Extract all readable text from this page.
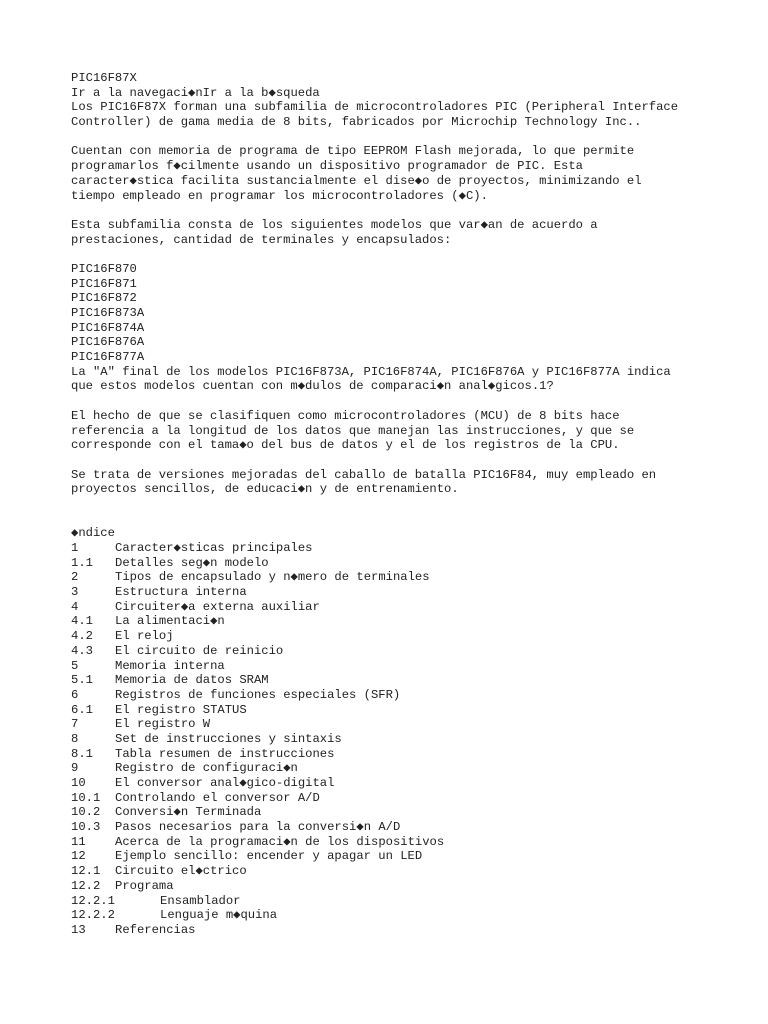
PIC16F87X
Ir a la navegaci◆nIr a la b◆squeda
Los PIC16F87X forman una subfamilia de microcontroladores PIC (Peripheral Interface
Controller) de gama media de 8 bits, fabricados por Microchip Technology Inc..
Cuentan con memoria de programa de tipo EEPROM Flash mejorada, lo que permite
programarlos f◆cilmente usando un dispositivo programador de PIC. Esta
caracter◆stica facilita sustancialmente el dise◆o de proyectos, minimizando el
tiempo empleado en programar los microcontroladores (◆C).
Esta subfamilia consta de los siguientes modelos que var◆an de acuerdo a
prestaciones, cantidad de terminales y encapsulados:
PIC16F870
PIC16F871
PIC16F872
PIC16F873A
PIC16F874A
PIC16F876A
PIC16F877A
La "A" final de los modelos PIC16F873A, PIC16F874A, PIC16F876A y PIC16F877A indica
que estos modelos cuentan con m◆dulos de comparaci◆n anal◆gicos.1?
El hecho de que se clasifiquen como microcontroladores (MCU) de 8 bits hace
referencia a la longitud de los datos que manejan las instrucciones, y que se
corresponde con el tama◆o del bus de datos y el de los registros de la CPU.
Se trata de versiones mejoradas del caballo de batalla PIC16F84, muy empleado en
proyectos sencillos, de educaci◆n y de entrenamiento.
◆ndice
1	Caracter◆sticas principales
1.1	Detalles seg◆n modelo
2	Tipos de encapsulado y n◆mero de terminales
3	Estructura interna
4	Circuiter◆a externa auxiliar
4.1	La alimentaci◆n
4.2	El reloj
4.3	El circuito de reinicio
5	Memoria interna
5.1	Memoria de datos SRAM
6	Registros de funciones especiales (SFR)
6.1	El registro STATUS
7	El registro W
8	Set de instrucciones y sintaxis
8.1	Tabla resumen de instrucciones
9	Registro de configuraci◆n
10	El conversor anal◆gico-digital
10.1	Controlando el conversor A/D
10.2	Conversi◆n Terminada
10.3	Pasos necesarios para la conversi◆n A/D
11	Acerca de la programaci◆n de los dispositivos
12	Ejemplo sencillo: encender y apagar un LED
12.1	Circuito el◆ctrico
12.2	Programa
12.2.1	Ensamblador
12.2.2	Lenguaje m◆quina
13	Referencias
